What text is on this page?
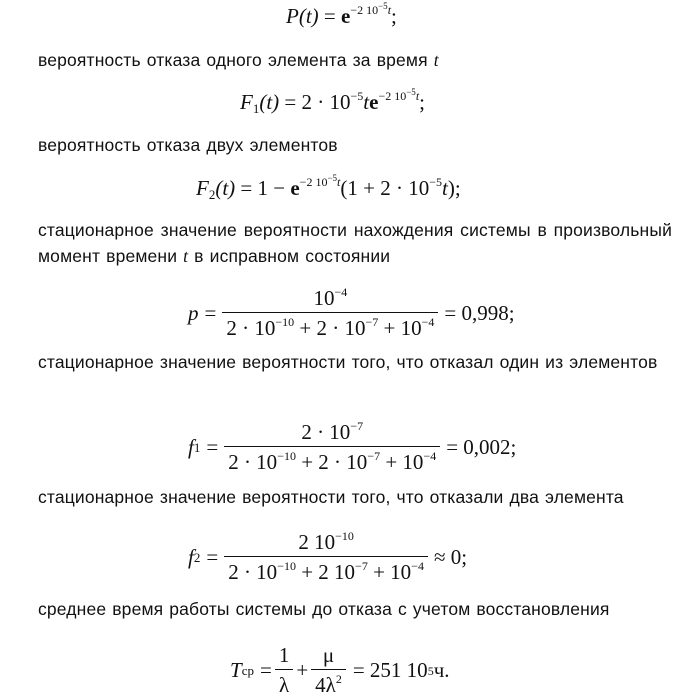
$P(t) = e^{-2 10^{-5}t}$;
вероятность отказа одного элемента за время t
$F_1(t) = 2 \cdot 10^{-5}te^{-2 10^{-5}t}$;
вероятность отказа двух элементов
$F_2(t) = 1 - e^{-2 10^{-5}t}(1 + 2 \cdot 10^{-5}t)$;
стационарное значение вероятности нахождения системы в произвольный момент времени t в исправном состоянии
$p = \frac{10^{-4}}{2 \cdot 10^{-10} + 2 \cdot 10^{-7} + 10^{-4}} = 0,998$;
стационарное значение вероятности того, что отказал один из элементов
f $1 = \frac{2 \cdot 10^{-7}}{2 \cdot 10^{-10} + 2 \cdot 10^{-7} + 10^{-4}} = 0,002$;
стационарное значение вероятности того, что отказали два элемента
f $2 = \frac{2 10^{-10}}{2 \cdot 10^{-10} + 2 10^{-7} + 10^{-4}} \approx 0$;
среднее время работы системы до отказа с учетом восстановления
T ср = $\frac{1}{\lambda} + \frac{\mu}{4\lambda^2} = 251$ 10 5 ч.
